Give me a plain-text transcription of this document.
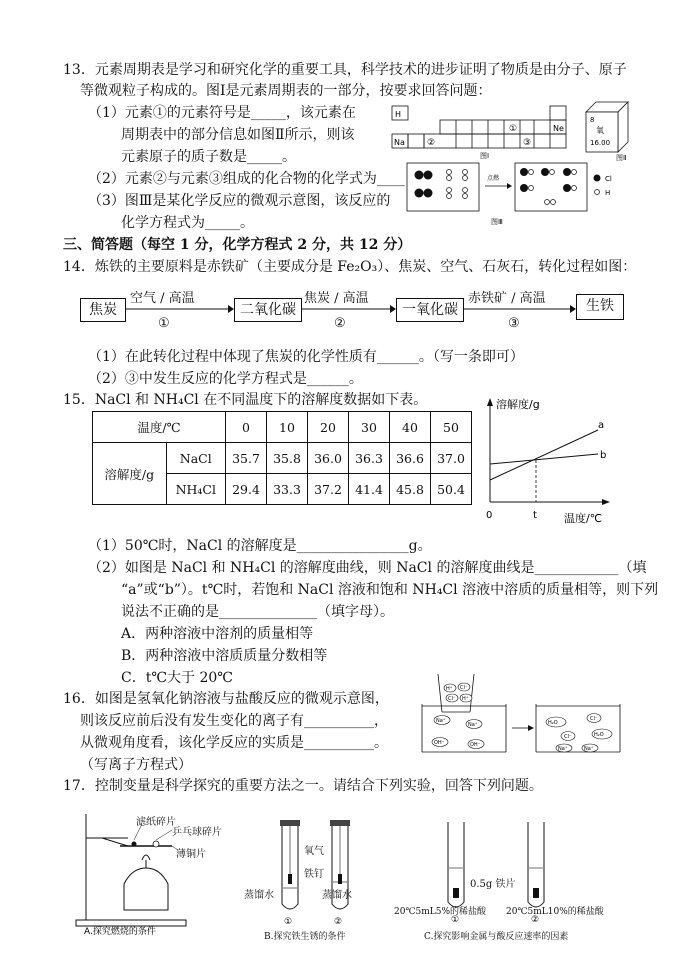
13．元素周期表是学习和研究化学的重要工具，科学技术的进步证明了物质是由分子、原子
等微观粒子构成的。图Ⅰ是元素周期表的一部分，按要求回答问题：
（1）元素①的元素符号是_____，该元素在
周期表中的部分信息如图Ⅱ所示，则该
元素原子的质子数是_____。
（2）元素②与元素③组成的化合物的化学式为____
（3）图Ⅲ是某化学反应的微观示意图，该反应的
化学方程式为_____。
H
Ne
Na
①
②	③
图Ⅰ
8
氧
16.00
图Ⅱ
点燃	Cl
H
图Ⅲ
三、简答题（每空 1 分，化学方程式 2 分，共 12 分）
14．炼铁的主要原料是赤铁矿（主要成分是 Fe₂O₃）、焦炭、空气、石灰石，转化过程如图：
焦炭	二氧化碳	一氧化碳	生铁
空气 / 高温	焦炭 / 高温	赤铁矿 / 高温
①	②	③
（1）在此转化过程中体现了焦炭的化学性质有______。（写一条即可）
（2）③中发生反应的化学方程式是______。
15．NaCl 和 NH₄Cl 在不同温度下的溶解度数据如下表。
温度/℃		0	10	20	30	40	50
溶解度/g	NaCl	35.7	35.8	36.0	36.3	36.6	37.0
	NH₄Cl	29.4	33.3	37.2	41.4	45.8	50.4
溶解度/g
温度/℃
0	t
a
b
（1）50℃时，NaCl 的溶解度是________________g。
（2）如图是 NaCl 和 NH₄Cl 的溶解度曲线，则 NaCl 的溶解度曲线是____________（填
“a”或“b”）。t℃时，若饱和 NaCl 溶液和饱和 NH₄Cl 溶液中溶质的质量相等，则下列
说法不正确的是______________（填字母）。
A．两种溶液中溶剂的质量相等
B．两种溶液中溶质质量分数相等
C．t℃大于 20℃
16．如图是氢氧化钠溶液与盐酸反应的微观示意图，
则该反应前后没有发生变化的离子有__________，
从微观角度看，该化学反应的实质是__________。
（写离子方程式）
H⁺ Cl⁻
Cl⁻ H⁺
Na⁺
Na⁺
OH⁻	OH⁻
H₂O
Cl⁻
Cl⁻	H₂O
Na⁺	Na⁺
17．控制变量是科学探究的重要方法之一。请结合下列实验，回答下列问题。
A.探究燃烧的条件
滤纸碎片
乒乓球碎片
薄铜片
①	②
氧气
铁钉
蒸馏水	蒸馏水
B.探究铁生锈的条件
①	②
0.5g 铁片
20℃5mL5%的稀盐酸 20℃5mL10%的稀盐酸
C.探究影响金属与酸反应速率的因素
